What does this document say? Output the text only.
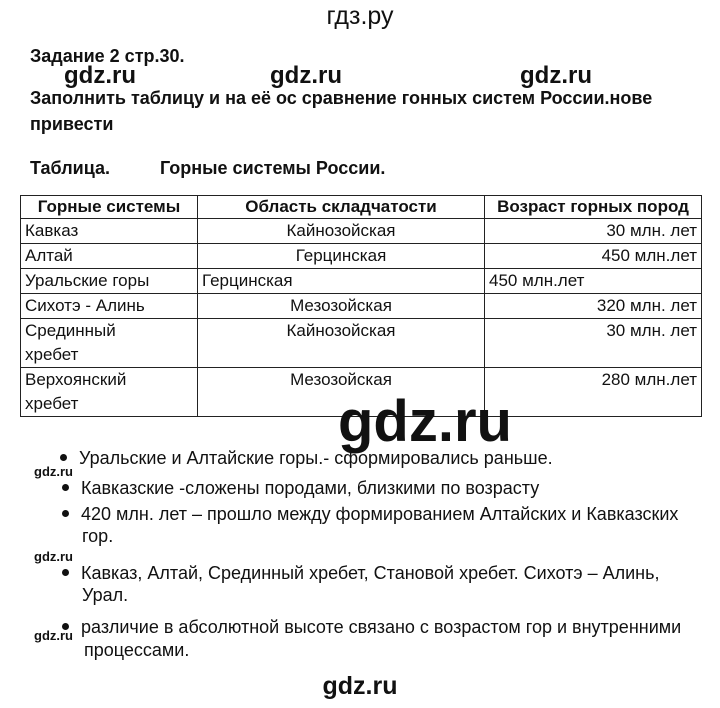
гдз.ру
Задание 2 стр.30.
gdz.ru	gdz.ru	gdz.ru
Заполнить таблицу и на её ос сравнение гонных систем России.нове
привести
Таблица.	Горные системы России.
Горные системы	Область складчатости	Возраст горных пород
Кавказ	Кайнозойская	30 млн. лет
Алтай	Герцинская	450 млн.лет
Уральские горы	Герцинская	450 млн.лет
Сихотэ - Алинь	Мезозойская	320 млн. лет
Срединный
хребет	Кайнозойская	30 млн. лет
Верхоянский
хребет	Мезозойская	280 млн.лет
gdz.ru
Уральские и Алтайские горы.- сформировались раньше.
gdz.ru
Кавказские -сложены породами, близкими по возрасту
420 млн. лет – прошло между формированием Алтайских и Кавказских
гор.
gdz.ru
Кавказ, Алтай, Срединный хребет, Становой хребет. Сихотэ – Алинь,
Урал.
различие в абсолютной высоте связано с возрастом гор и внутренними
gdz.ru
процессами.
gdz.ru
